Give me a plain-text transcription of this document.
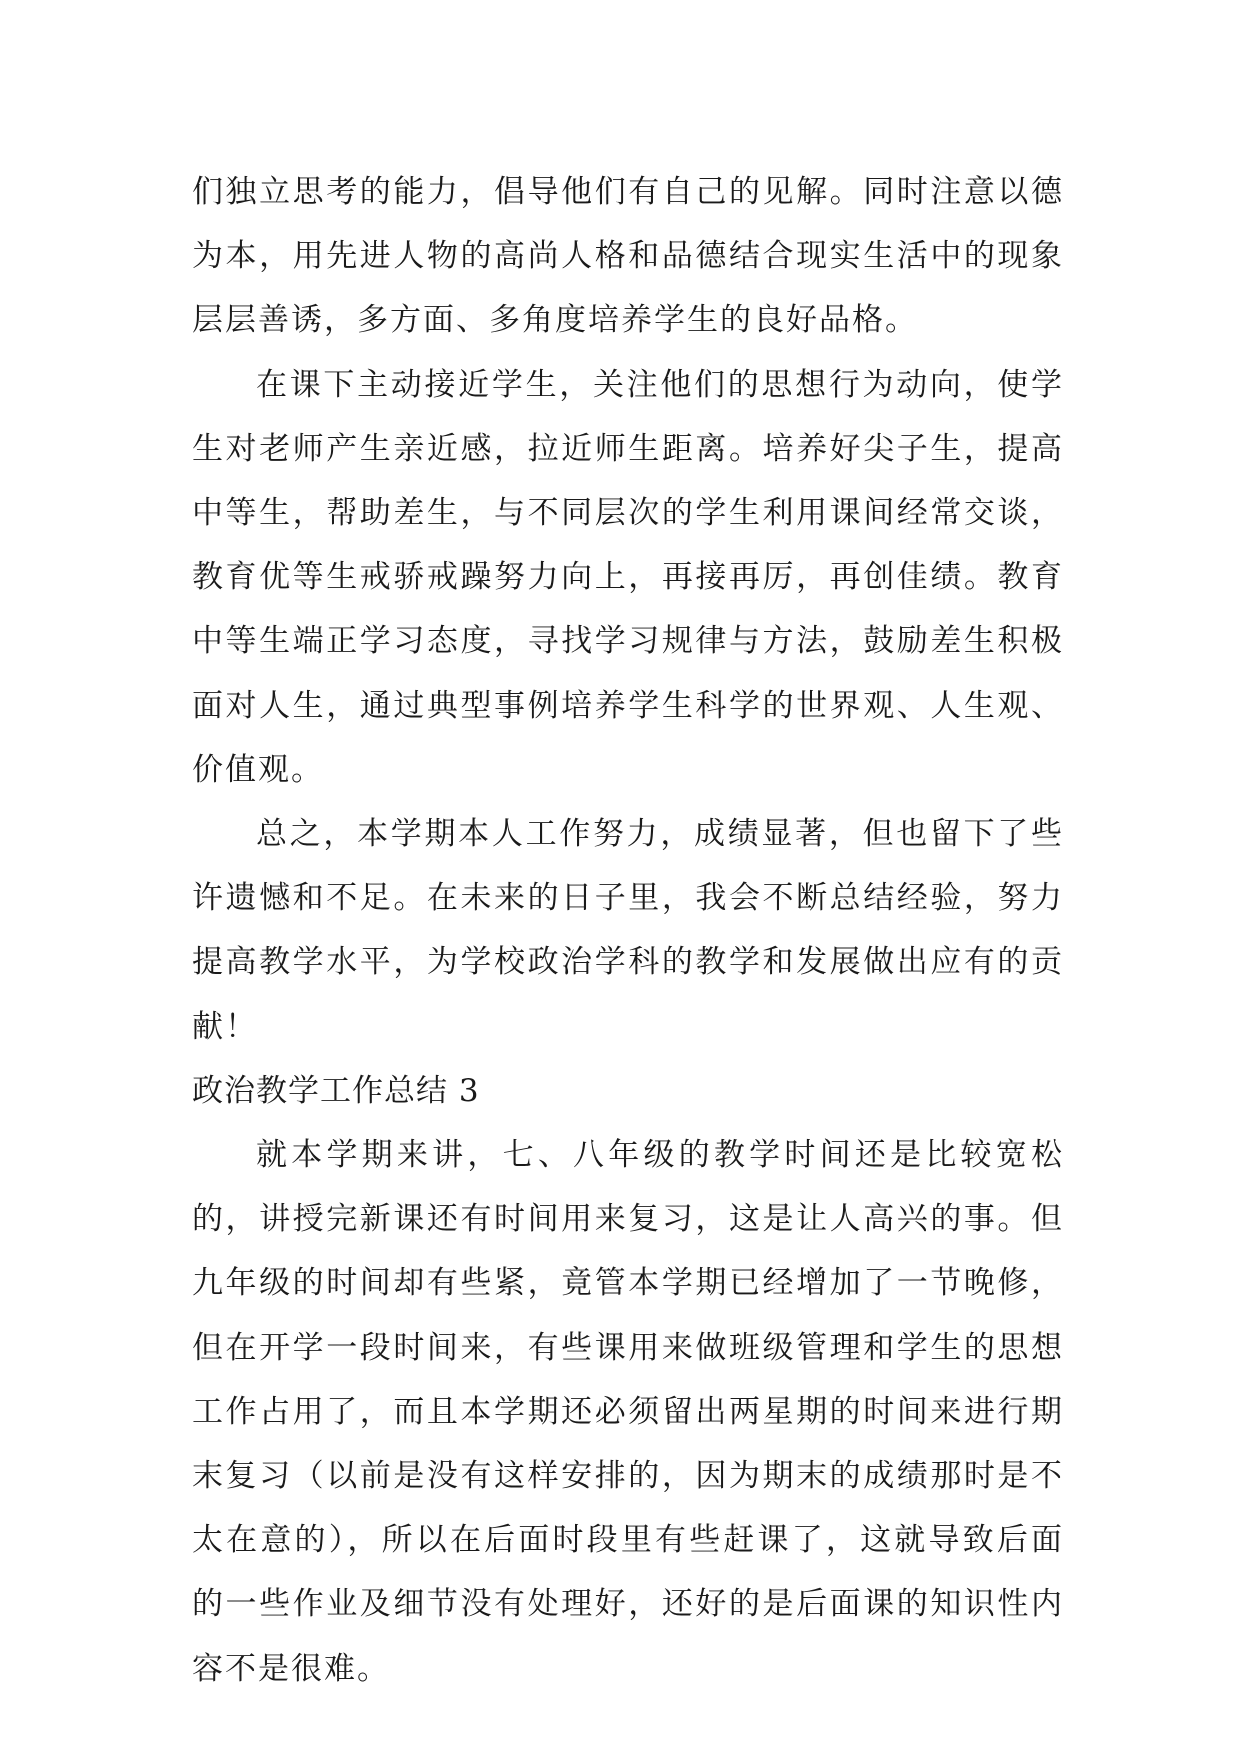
们独立思考的能力，倡导他们有自己的见解。同时注意以德为本，用先进人物的高尚人格和品德结合现实生活中的现象层层善诱，多方面、多角度培养学生的良好品格。

在课下主动接近学生，关注他们的思想行为动向，使学生对老师产生亲近感，拉近师生距离。培养好尖子生，提高中等生，帮助差生，与不同层次的学生利用课间经常交谈，教育优等生戒骄戒躁努力向上，再接再厉，再创佳绩。教育中等生端正学习态度，寻找学习规律与方法，鼓励差生积极面对人生，通过典型事例培养学生科学的世界观、人生观、价值观。

总之，本学期本人工作努力，成绩显著，但也留下了些许遗憾和不足。在未来的日子里，我会不断总结经验，努力提高教学水平，为学校政治学科的教学和发展做出应有的贡献！

政治教学工作总结 3

就本学期来讲，七、八年级的教学时间还是比较宽松的，讲授完新课还有时间用来复习，这是让人高兴的事。但九年级的时间却有些紧，竟管本学期已经增加了一节晚修，但在开学一段时间来，有些课用来做班级管理和学生的思想工作占用了，而且本学期还必须留出两星期的时间来进行期末复习（以前是没有这样安排的，因为期末的成绩那时是不太在意的），所以在后面时段里有些赶课了，这就导致后面的一些作业及细节没有处理好，还好的是后面课的知识性内容不是很难。
